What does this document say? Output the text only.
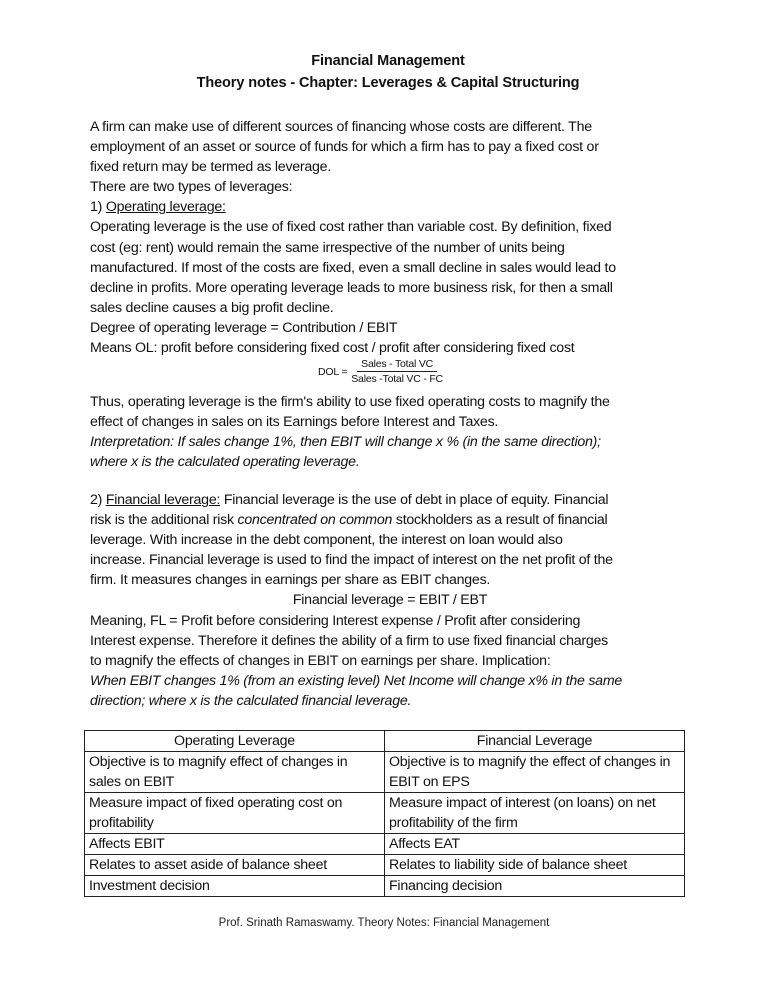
Financial Management
Theory notes - Chapter: Leverages & Capital Structuring

A firm can make use of different sources of financing whose costs are different. The

employment of an asset or source of funds for which a firm has to pay a fixed cost or

fixed return may be termed as leverage.

There are two types of leverages:

1) Operating leverage:

Operating leverage is the use of fixed cost rather than variable cost. By definition, fixed

cost (eg: rent) would remain the same irrespective of the number of units being

manufactured. If most of the costs are fixed, even a small decline in sales would lead to

decline in profits. More operating leverage leads to more business risk, for then a small

sales decline causes a big profit decline.

Degree of operating leverage = Contribution / EBIT

Means OL: profit before considering fixed cost / profit after considering fixed cost

DOL = $\frac{\text{Sales - Total VC}}{\text{Sales -Total VC - FC}}$

Thus, operating leverage is the firm's ability to use fixed operating costs to magnify the

effect of changes in sales on its Earnings before Interest and Taxes.

Interpretation: If sales change 1%, then EBIT will change x % (in the same direction);

where x is the calculated operating leverage.

2) Financial leverage: Financial leverage is the use of debt in place of equity. Financial

risk is the additional risk concentrated on common stockholders as a result of financial

leverage. With increase in the debt component, the interest on loan would also

increase. Financial leverage is used to find the impact of interest on the net profit of the

firm. It measures changes in earnings per share as EBIT changes.

Financial leverage = EBIT / EBT

Meaning, FL = Profit before considering Interest expense / Profit after considering

Interest expense. Therefore it defines the ability of a firm to use fixed financial charges

to magnify the effects of changes in EBIT on earnings per share. Implication:

When EBIT changes 1% (from an existing level) Net Income will change x% in the same

direction; where x is the calculated financial leverage.

Operating Leverage	Financial Leverage
Objective is to magnify effect of changes in sales on EBIT	Objective is to magnify the effect of changes in EBIT on EPS
Measure impact of fixed operating cost on profitability	Measure impact of interest (on loans) on net profitability of the firm
Affects EBIT	Affects EAT
Relates to asset aside of balance sheet	Relates to liability side of balance sheet
Investment decision	Financing decision
Prof. Srinath Ramaswamy. Theory Notes: Financial Management
